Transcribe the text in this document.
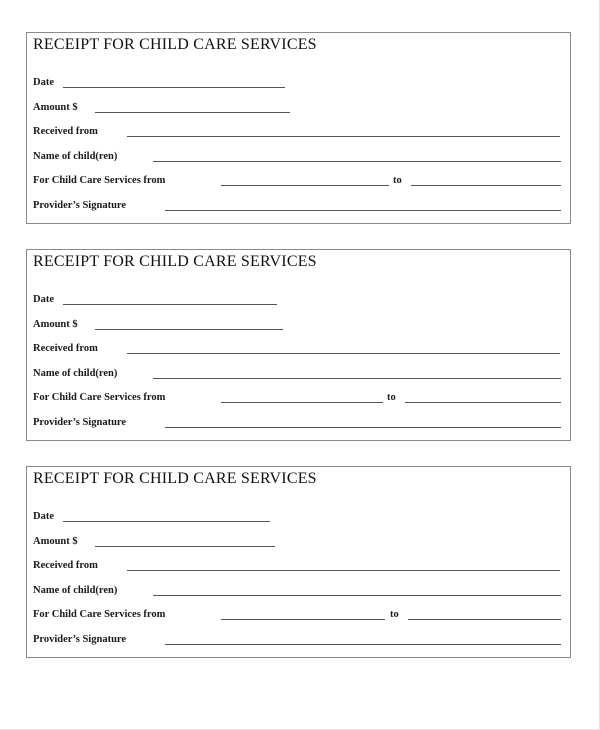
RECEIPT FOR CHILD CARE SERVICES
Date
Amount $
Received from
Name of child(ren)
For Child Care Services from	to
Provider’s Signature
RECEIPT FOR CHILD CARE SERVICES
Date
Amount $
Received from
Name of child(ren)
For Child Care Services from	to
Provider’s Signature
RECEIPT FOR CHILD CARE SERVICES
Date
Amount $
Received from
Name of child(ren)
For Child Care Services from	to
Provider’s Signature
